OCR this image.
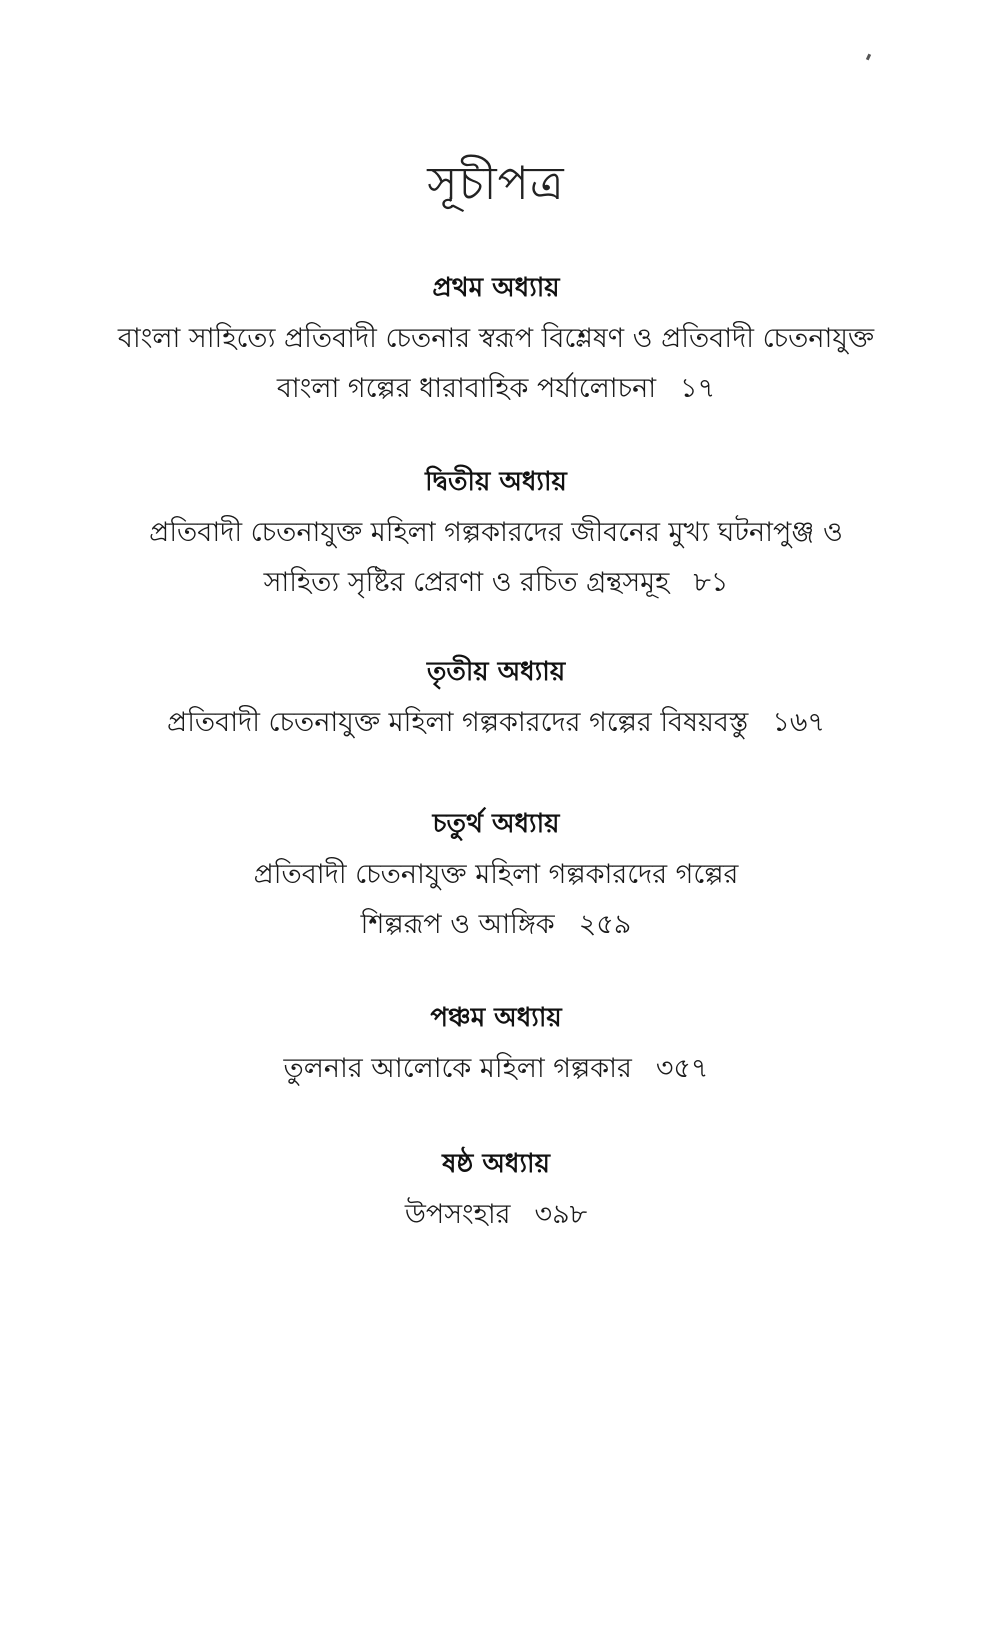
সূচীপত্র
প্রথম অধ্যায়
বাংলা সাহিত্যে প্রতিবাদী চেতনার স্বরূপ বিশ্লেষণ ও প্রতিবাদী চেতনাযুক্ত
বাংলা গল্পের ধারাবাহিক পর্যালোচনা ১৭
দ্বিতীয় অধ্যায়
প্রতিবাদী চেতনাযুক্ত মহিলা গল্পকারদের জীবনের মুখ্য ঘটনাপুঞ্জ ও
সাহিত্য সৃষ্টির প্রেরণা ও রচিত গ্রন্থসমূহ ৮১
তৃতীয় অধ্যায়
প্রতিবাদী চেতনাযুক্ত মহিলা গল্পকারদের গল্পের বিষয়বস্তু ১৬৭
চতুর্থ অধ্যায়
প্রতিবাদী চেতনাযুক্ত মহিলা গল্পকারদের গল্পের
শিল্পরূপ ও আঙ্গিক ২৫৯
পঞ্চম অধ্যায়
তুলনার আলোকে মহিলা গল্পকার ৩৫৭
ষষ্ঠ অধ্যায়
উপসংহার ৩৯৮
